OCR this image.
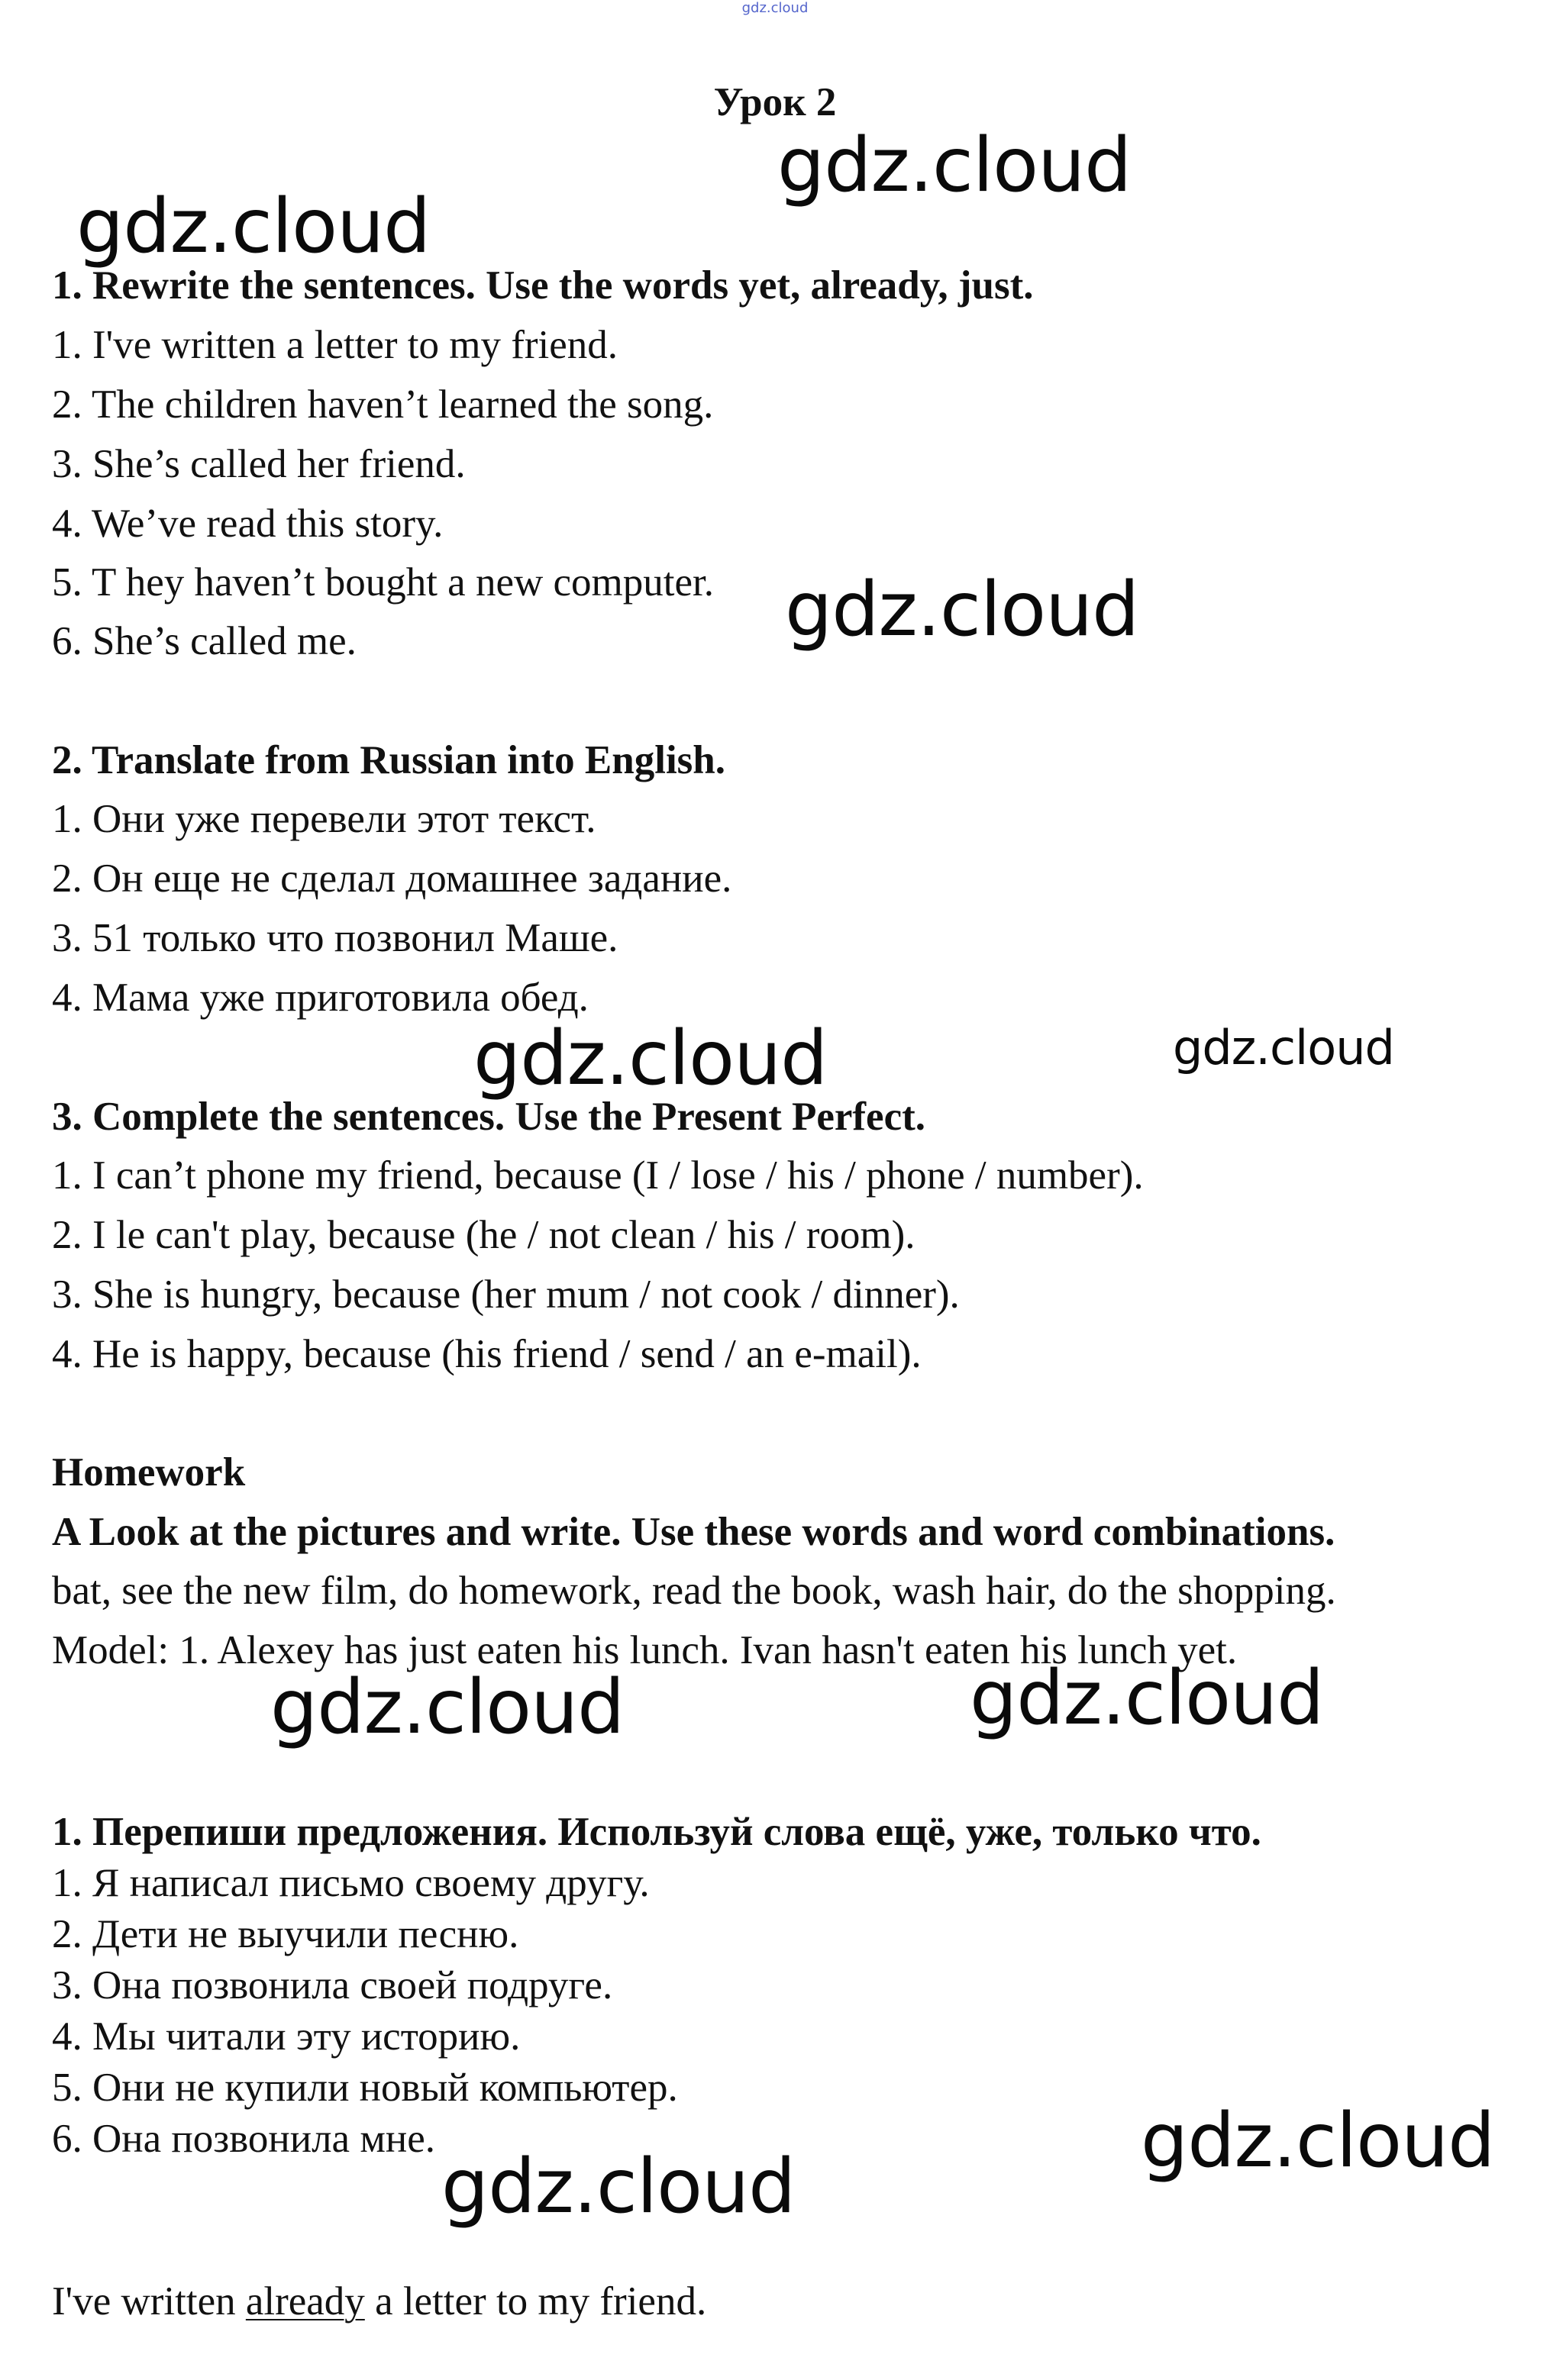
gdz.cloud
Урок 2
1. Rewrite the sentences. Use the words yet, already, just.
1. I've written a letter to my friend.
2. The children haven’t learned the song.
3. She’s called her friend.
4. We’ve read this story.
5. T hey haven’t bought a new computer.
6. She’s called me.
2. Translate from Russian into English.
1. Они уже перевели этот текст.
2. Он еще не сделал домашнее задание.
3. 51 только что позвонил Маше.
4. Мама уже приготовила обед.
3. Complete the sentences. Use the Present Perfect.
1. I can’t phone my friend, because (I / lose / his / phone / number).
2. I le can't play, because (he / not clean / his / room).
3. She is hungry, because (her mum / not cook / dinner).
4. He is happy, because (his friend / send / an e-mail).
Homework
A Look at the pictures and write. Use these words and word combinations.
bat, see the new film, do homework, read the book, wash hair, do the shopping.
Model: 1. Alexey has just eaten his lunch. Ivan hasn't eaten his lunch yet.
1. Перепиши предложения. Используй слова ещё, уже, только что.
1. Я написал письмо своему другу.
2. Дети не выучили песню.
3. Она позвонила своей подруге.
4. Мы читали эту историю.
5. Они не купили новый компьютер.
6. Она позвонила мне.
I've written already a letter to my friend.
gdz.cloud
gdz.cloud
gdz.cloud
gdz.cloud	gdz.cloud
gdz.cloud	gdz.cloud
gdz.cloud
gdz.cloud
